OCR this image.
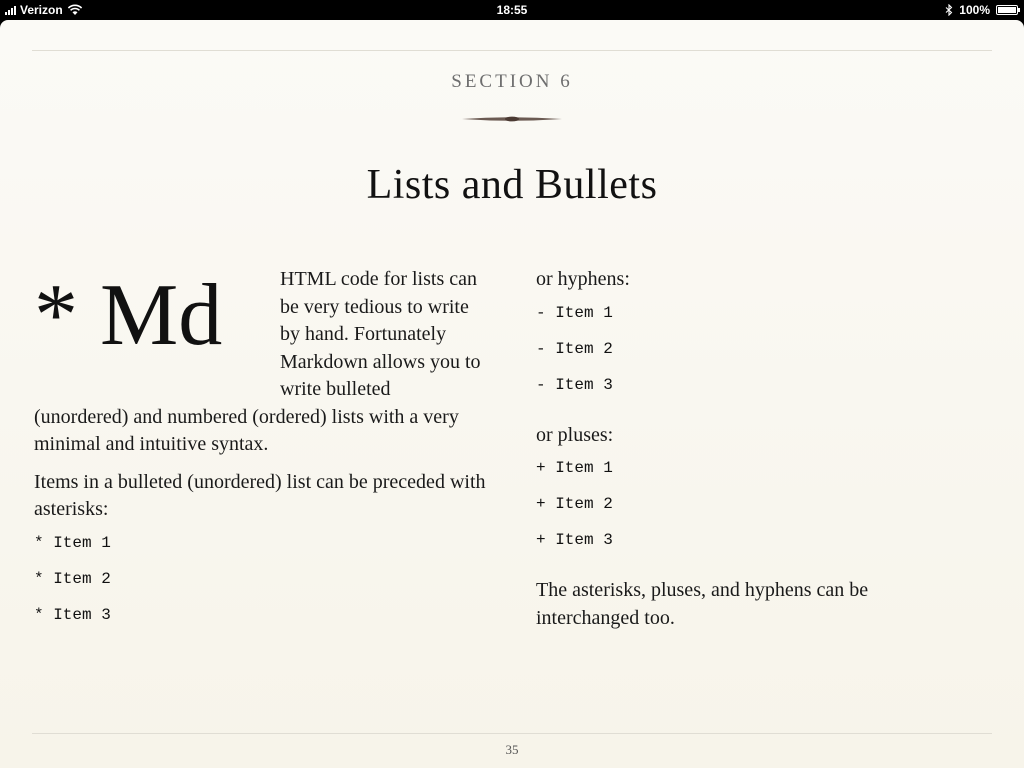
Verizon	18:55	100%
SECTION 6
Lists and Bullets

* Md	HTML code for lists can be very tedious to write by hand. Fortunately Markdown allows you to write bulleted (unordered) and numbered (ordered) lists with a very minimal and intuitive syntax.

Items in a bulleted (unordered) list can be preceded with asterisks:

* Item 1
* Item 2
* Item 3

or hyphens:

- Item 1
- Item 2
- Item 3

or pluses:

+ Item 1
+ Item 2
+ Item 3

The asterisks, pluses, and hyphens can be interchanged too.

35
